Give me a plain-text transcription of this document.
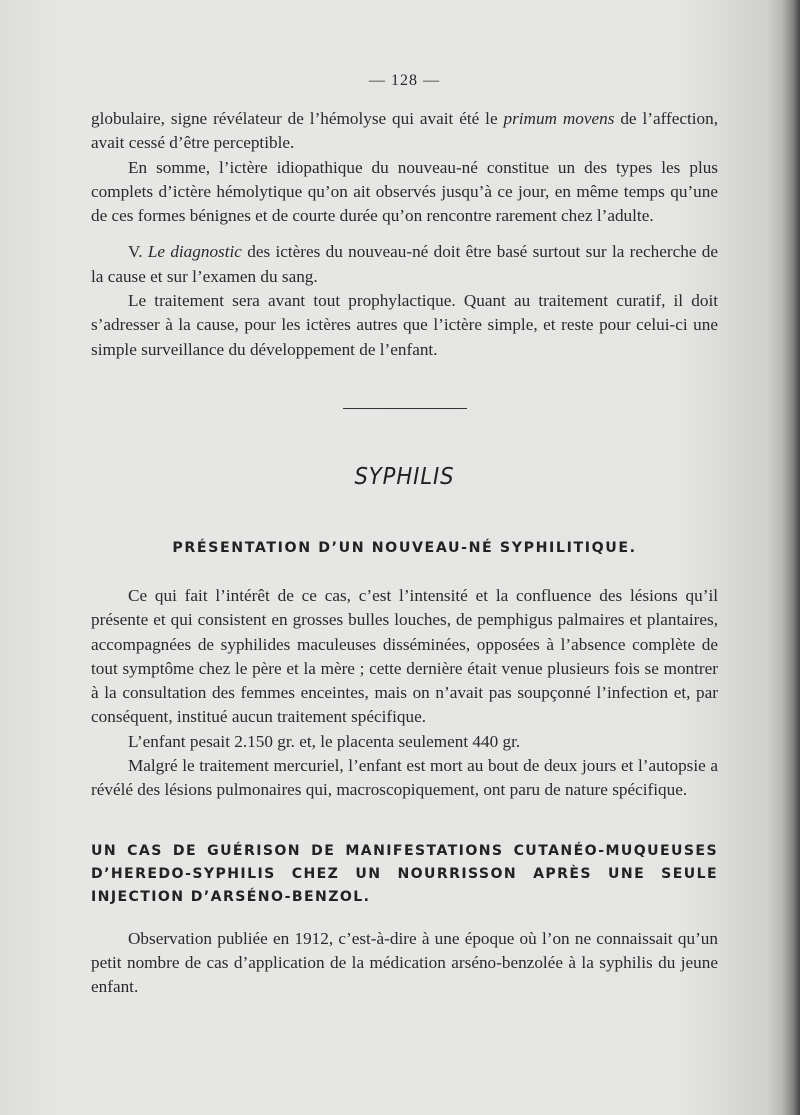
— 128 —

globulaire, signe révélateur de l’hémolyse qui avait été le primum movens de l’affection, avait cessé d’être perceptible.

En somme, l’ictère idiopathique du nouveau-né constitue un des types les plus complets d’ictère hémolytique qu’on ait observés jusqu’à ce jour, en même temps qu’une de ces formes bénignes et de courte durée qu’on rencontre rarement chez l’adulte.

V. Le diagnostic des ictères du nouveau-né doit être basé surtout sur la recherche de la cause et sur l’examen du sang.

Le traitement sera avant tout prophylactique. Quant au traitement curatif, il doit s’adresser à la cause, pour les ictères autres que l’ictère simple, et reste pour celui-ci une simple surveillance du développement de l’enfant.

SYPHILIS
PRÉSENTATION D’UN NOUVEAU-NÉ SYPHILITIQUE.

Ce qui fait l’intérêt de ce cas, c’est l’intensité et la confluence des lésions qu’il présente et qui consistent en grosses bulles louches, de pemphigus palmaires et plantaires, accompagnées de syphilides maculeuses disséminées, opposées à l’absence complète de tout symptôme chez le père et la mère ; cette dernière était venue plusieurs fois se montrer à la consultation des femmes enceintes, mais on n’avait pas soupçonné l’infection et, par conséquent, institué aucun traitement spécifique.

L’enfant pesait 2.150 gr. et, le placenta seulement 440 gr.

Malgré le traitement mercuriel, l’enfant est mort au bout de deux jours et l’autopsie a révélé des lésions pulmonaires qui, macroscopiquement, ont paru de nature spécifique.

UN CAS DE GUÉRISON DE MANIFESTATIONS CUTANÉO-MUQUEUSES D’HEREDO-SYPHILIS CHEZ UN NOURRISSON APRÈS UNE SEULE INJECTION D’ARSÉNO-BENZOL.

Observation publiée en 1912, c’est-à-dire à une époque où l’on ne connaissait qu’un petit nombre de cas d’application de la médication arséno-benzolée à la syphilis du jeune enfant.
